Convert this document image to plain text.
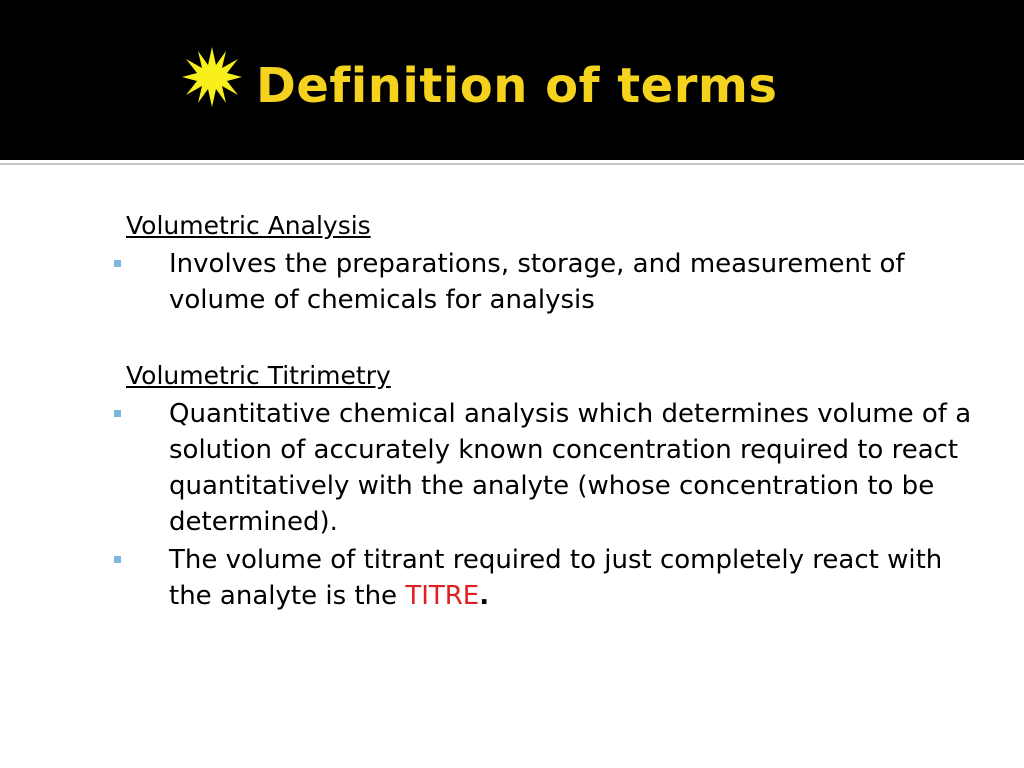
Definition of terms
Volumetric Analysis
Involves the preparations, storage, and measurement of volume of chemicals for analysis
Volumetric Titrimetry
Quantitative chemical analysis which determines volume of a solution of accurately known concentration required to react quantitatively with the analyte (whose concentration to be determined).
The volume of titrant required to just completely react with the analyte is the TITRE.
